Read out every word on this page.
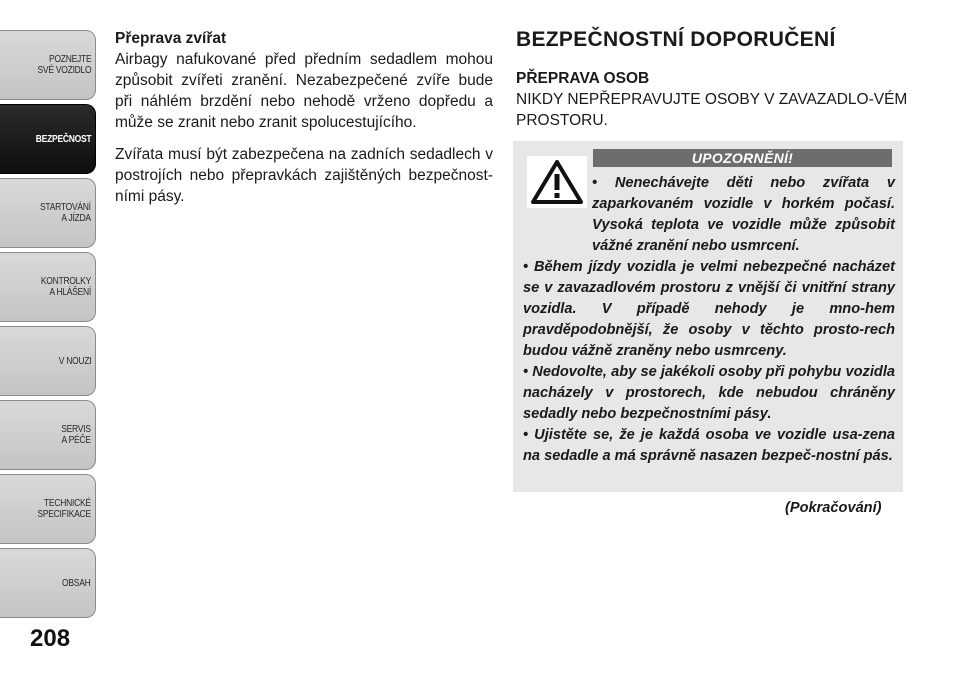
POZNEJTE
SVÉ VOZIDLO
BEZPEČNOST
STARTOVÁNÍ
A JÍZDA
KONTROLKY
A HLÁŠENÍ
V NOUZI
SERVIS
A PÉČE
TECHNICKÉ
SPECIFIKACE
OBSAH
208
Přeprava zvířat

Airbagy nafukované před předním sedadlem mohou způsobit zvířeti zranění. Nezabezpečené zvíře bude při náhlém brzdění nebo nehodě vrženo dopředu a může se zranit nebo zranit spolucestujícího.

Zvířata musí být zabezpečena na zadních sedadlech v postrojích nebo přepravkách zajištěných bezpečnost-ními pásy.

BEZPEČNOSTNÍ DOPORUČENÍ
PŘEPRAVA OSOB

NIKDY NEPŘEPRAVUJTE OSOBY V ZAVAZADLO-VÉM PROSTORU.

UPOZORNĚNÍ!

• Nenechávejte děti nebo zvířata v zaparkovaném vozidle v horkém počasí. Vysoká teplota ve vozidle může způsobit vážné zranění nebo usmrcení.

• Během jízdy vozidla je velmi nebezpečné nacházet se v zavazadlovém prostoru z vnější či vnitřní strany vozidla. V případě nehody je mno-hem pravděpodobnější, že osoby v těchto prosto-rech budou vážně zraněny nebo usmrceny.

• Nedovolte, aby se jakékoli osoby při pohybu vozidla nacházely v prostorech, kde nebudou chráněny sedadly nebo bezpečnostními pásy.

• Ujistěte se, že je každá osoba ve vozidle usa-zena na sedadle a má správně nasazen bezpeč-nostní pás.

(Pokračování)
